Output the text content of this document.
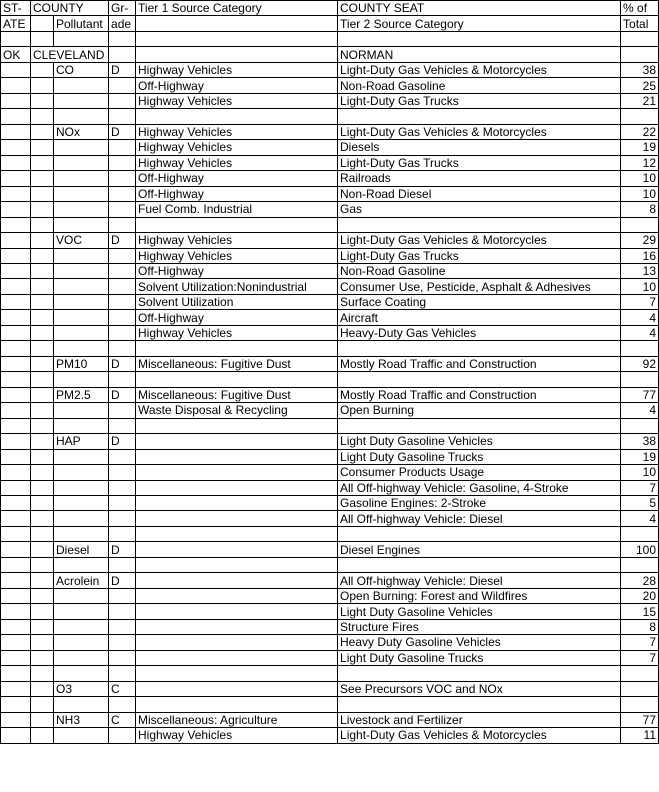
ST-	COUNTY		Gr-	Tier 1 Source Category	COUNTY SEAT	% of
ATE		Pollutant	ade		Tier 2 Source Category	Total

OK	CLEVELAND				NORMAN	
		CO	D	Highway Vehicles	Light-Duty Gas Vehicles & Motorcycles	38
				Off-Highway	Non-Road Gasoline	25
				Highway Vehicles	Light-Duty Gas Trucks	21

		NOx	D	Highway Vehicles	Light-Duty Gas Vehicles & Motorcycles	22
				Highway Vehicles	Diesels	19
				Highway Vehicles	Light-Duty Gas Trucks	12
				Off-Highway	Railroads	10
				Off-Highway	Non-Road Diesel	10
				Fuel Comb. Industrial	Gas	8

		VOC	D	Highway Vehicles	Light-Duty Gas Vehicles & Motorcycles	29
				Highway Vehicles	Light-Duty Gas Trucks	16
				Off-Highway	Non-Road Gasoline	13
				Solvent Utilization:Nonindustrial	Consumer Use, Pesticide, Asphalt & Adhesives	10
				Solvent Utilization	Surface Coating	7
				Off-Highway	Aircraft	4
				Highway Vehicles	Heavy-Duty Gas Vehicles	4

		PM10	D	Miscellaneous: Fugitive Dust	Mostly Road Traffic and Construction	92

		PM2.5	D	Miscellaneous: Fugitive Dust	Mostly Road Traffic and Construction	77
				Waste Disposal & Recycling	Open Burning	4

		HAP	D		Light Duty Gasoline Vehicles	38
					Light Duty Gasoline Trucks	19
					Consumer Products Usage	10
					All Off-highway Vehicle: Gasoline, 4-Stroke	7
					Gasoline Engines: 2-Stroke	5
					All Off-highway Vehicle: Diesel	4

		Diesel	D		Diesel Engines	100

		Acrolein	D		All Off-highway Vehicle: Diesel	28
					Open Burning: Forest and Wildfires	20
					Light Duty Gasoline Vehicles	15
					Structure Fires	8
					Heavy Duty Gasoline Vehicles	7
					Light Duty Gasoline Trucks	7

		O3	C		See Precursors VOC and NOx	

		NH3	C	Miscellaneous: Agriculture	Livestock and Fertilizer	77
				Highway Vehicles	Light-Duty Gas Vehicles & Motorcycles	11
